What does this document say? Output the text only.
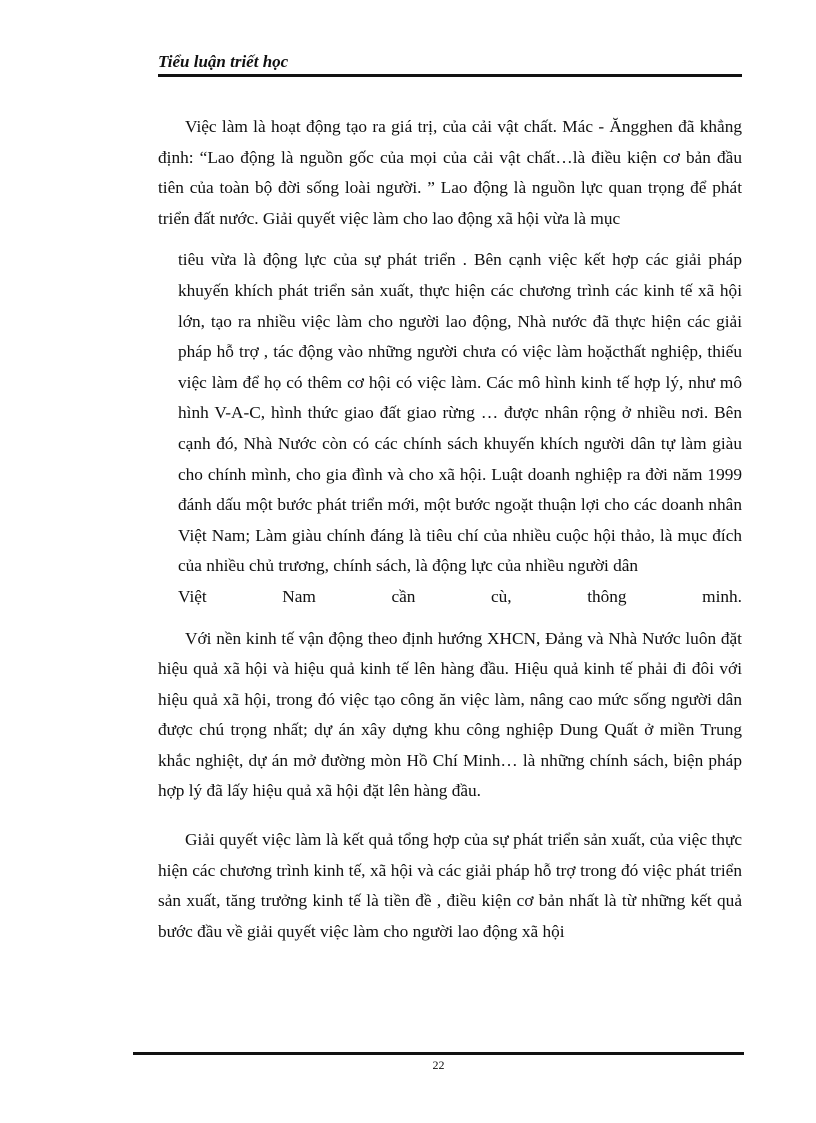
Tiểu luận triết học

Việc làm là hoạt động tạo ra giá trị, của cải vật chất. Mác - Ăngghen đã khẳng định: “Lao động là nguồn gốc của mọi của cải vật chất…là điều kiện cơ bản đầu tiên của toàn bộ đời sống loài người. ” Lao động là nguồn lực quan trọng để phát triển đất nước. Giải quyết việc làm cho lao động xã hội vừa là mục

tiêu vừa là động lực của sự phát triển . Bên cạnh việc kết hợp các giải pháp khuyến khích phát triển sản xuất, thực hiện các chương trình các kinh tế xã hội lớn, tạo ra nhiều việc làm cho người lao động, Nhà nước đã thực hiện các giải pháp hỗ trợ , tác động vào những người chưa có việc làm hoặcthất nghiệp, thiếu việc làm để họ có thêm cơ hội có việc làm. Các mô hình kinh tế hợp lý, như mô hình V-A-C, hình thức giao đất giao rừng … được nhân rộng ở nhiều nơi. Bên cạnh đó, Nhà Nước còn có các chính sách khuyến khích người dân tự làm giàu cho chính mình, cho gia đình và cho xã hội. Luật doanh nghiệp ra đời năm 1999 đánh dấu một bước phát triển mới, một bước ngoặt thuận lợi cho các doanh nhân Việt Nam; Làm giàu chính đáng là tiêu chí của nhiều cuộc hội thảo, là mục đích của nhiều chủ trương, chính sách, là động lực của nhiều người dân
Việt	Nam	cần	cù,	thông	minh.

Với nền kinh tế vận động theo định hướng XHCN, Đảng và Nhà Nước luôn đặt hiệu quả xã hội và hiệu quả kinh tế lên hàng đầu. Hiệu quả kinh tế phải đi đôi với hiệu quả xã hội, trong đó việc tạo công ăn việc làm, nâng cao mức sống người dân được chú trọng nhất; dự án xây dựng khu công nghiệp Dung Quất ở miền Trung khắc nghiệt, dự án mở đường mòn Hồ Chí Minh… là những chính sách, biện pháp hợp lý đã lấy hiệu quả xã hội đặt lên hàng đầu.

Giải quyết việc làm là kết quả tổng hợp của sự phát triển sản xuất, của việc thực hiện các chương trình kinh tế, xã hội và các giải pháp hỗ trợ trong đó việc phát triển sản xuất, tăng trưởng kinh tế là tiền đề , điều kiện cơ bản nhất là từ những kết quả bước đầu về giải quyết việc làm cho người lao động xã hội

22
